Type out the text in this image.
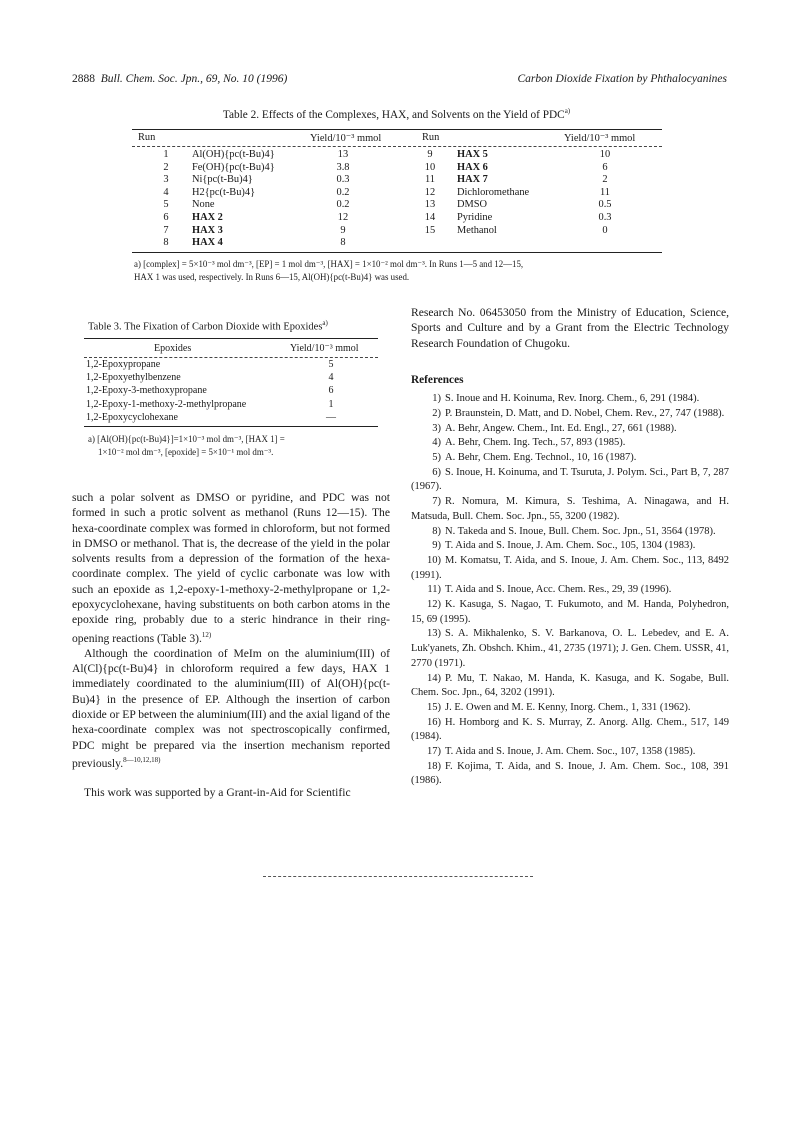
2888 Bull. Chem. Soc. Jpn., 69, No. 10 (1996)	Carbon Dioxide Fixation by Phthalocyanines
Table 2. Effects of the Complexes, HAX, and Solvents on the Yield of PDC$^{a)}$
Run	Yield/10⁻³ mmol	Run	Yield/10⁻³ mmol
1	Al(OH){pc(t-Bu)4}	13	9	HAX 5	10
2	Fe(OH){pc(t-Bu)4}	3.8	10 HAX 6	6
3	Ni{pc(t-Bu)4}	0.3	11 HAX 7	2
4	H2{pc(t-Bu)4}	0.2	12 Dichloromethane	11
5	None	0.2	13 DMSO	0.5
6	HAX 2	12	14 Pyridine	0.3
7	HAX 3	9	15 Methanol	0
8	HAX 4	8
a) [complex] = 5×10⁻³ mol dm⁻³, [EP] = 1 mol dm⁻³, [HAX] = 1×10⁻² mol dm⁻³. In Runs 1—5 and 12—15,
HAX 1 was used, respectively. In Runs 6—15, Al(OH){pc(t-Bu)4} was used.
Table 3. The Fixation of Carbon Dioxide with Epoxides$^{a)}$
Epoxides	Yield/10⁻³ mmol
1,2-Epoxypropane	5
1,2-Epoxyethylbenzene	4
1,2-Epoxy-3-methoxypropane	6
1,2-Epoxy-1-methoxy-2-methylpropane	1
1,2-Epoxycyclohexane	—
a) [Al(OH){pc(t-Bu)4}]=1×10⁻³ mol dm⁻³, [HAX 1] =
1×10⁻² mol dm⁻³, [epoxide] = 5×10⁻¹ mol dm⁻³.

such a polar solvent as DMSO or pyridine, and PDC was not formed in such a protic solvent as methanol (Runs 12—15). The hexa-coordinate complex was formed in chloroform, but not formed in DMSO or methanol. That is, the decrease of the yield in the polar solvents results from a depression of the formation of the hexa-coordinate complex. The yield of cyclic carbonate was low with such an epoxide as 1,2-epoxy-1-methoxy-2-methylpropane or 1,2-epoxycyclohexane, having substituents on both carbon atoms in the epoxide ring, probably due to a steric hindrance in their ring-opening reactions (Table 3).$^{12)}$

Although the coordination of MeIm on the aluminium(III) of Al(Cl){pc(t-Bu)4} in chloroform required a few days, HAX 1 immediately coordinated to the aluminium(III) of Al(OH){pc(t-Bu)4} in the presence of EP. Although the insertion of carbon dioxide or EP between the aluminium(III) and the axial ligand of the hexa-coordinate complex was not spectroscopically confirmed, PDC might be prepared via the insertion mechanism reported previously.$^{8—10,12,18)}$

This work was supported by a Grant-in-Aid for Scientific

Research No. 06453050 from the Ministry of Education, Science, Sports and Culture and by a Grant from the Electric Technology Research Foundation of Chugoku.

References
1) S. Inoue and H. Koinuma, Rev. Inorg. Chem., 6, 291 (1984).
2) P. Braunstein, D. Matt, and D. Nobel, Chem. Rev., 27, 747 (1988).
3) A. Behr, Angew. Chem., Int. Ed. Engl., 27, 661 (1988).
4) A. Behr, Chem. Ing. Tech., 57, 893 (1985).
5) A. Behr, Chem. Eng. Technol., 10, 16 (1987).
6) S. Inoue, H. Koinuma, and T. Tsuruta, J. Polym. Sci., Part B, 7, 287 (1967).
7) R. Nomura, M. Kimura, S. Teshima, A. Ninagawa, and H. Matsuda, Bull. Chem. Soc. Jpn., 55, 3200 (1982).
8) N. Takeda and S. Inoue, Bull. Chem. Soc. Jpn., 51, 3564 (1978).
9) T. Aida and S. Inoue, J. Am. Chem. Soc., 105, 1304 (1983).
10) M. Komatsu, T. Aida, and S. Inoue, J. Am. Chem. Soc., 113, 8492 (1991).
11) T. Aida and S. Inoue, Acc. Chem. Res., 29, 39 (1996).
12) K. Kasuga, S. Nagao, T. Fukumoto, and M. Handa, Polyhedron, 15, 69 (1995).
13) S. A. Mikhalenko, S. V. Barkanova, O. L. Lebedev, and E. A. Luk'yanets, Zh. Obshch. Khim., 41, 2735 (1971); J. Gen. Chem. USSR, 41, 2770 (1971).
14) P. Mu, T. Nakao, M. Handa, K. Kasuga, and K. Sogabe, Bull. Chem. Soc. Jpn., 64, 3202 (1991).
15) J. E. Owen and M. E. Kenny, Inorg. Chem., 1, 331 (1962).
16) H. Homborg and K. S. Murray, Z. Anorg. Allg. Chem., 517, 149 (1984).
17) T. Aida and S. Inoue, J. Am. Chem. Soc., 107, 1358 (1985).
18) F. Kojima, T. Aida, and S. Inoue, J. Am. Chem. Soc., 108, 391 (1986).
